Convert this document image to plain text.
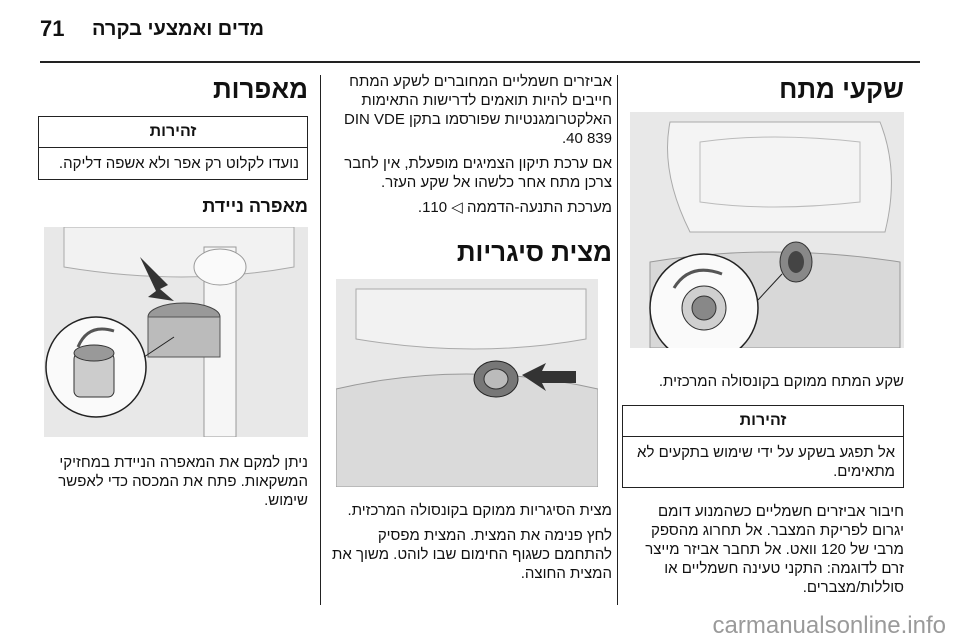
71 מדים ואמצעי בקרה
שקעי מתח
שקע המתח ממוקם בקונסולה המרכזית.
זהירות
אל תפגע בשקע על ידי שימוש בתקעים לא מתאימים.
חיבור אביזרים חשמליים כשהמנוע דומם יגרום לפריקת המצבר. אל תחרוג מהספק מרבי של 120 וואט. אל תחבר אביזר מייצר זרם לדוגמה: התקני טעינה חשמליים או סוללות/מצברים.
אביזרים חשמליים המחוברים לשקע המתח חייבים להיות תואמים לדרישות התאימות האלקטרומגנטיות שפורסמו בתקן DIN VDE 40 839.
אם ערכת תיקון הצמיגים מופעלת, אין לחבר צרכן מתח אחר כלשהו אל שקע העזר.
מערכת התנעה-הדממה ◁ 110.
מצית סיגריות
מצית הסיגריות ממוקם בקונסולה המרכזית.
לחץ פנימה את המצית. המצית מפסיק להתחמם כשגוף החימום שבו לוהט. משוך את המצית החוצה.
מאפרות
זהירות
נועדו לקלוט רק אפר ולא אשפה דליקה.
מאפרה ניידת
ניתן למקם את המאפרה הניידת במחזיקי המשקאות. פתח את המכסה כדי לאפשר שימוש.
carmanualsonline.info
